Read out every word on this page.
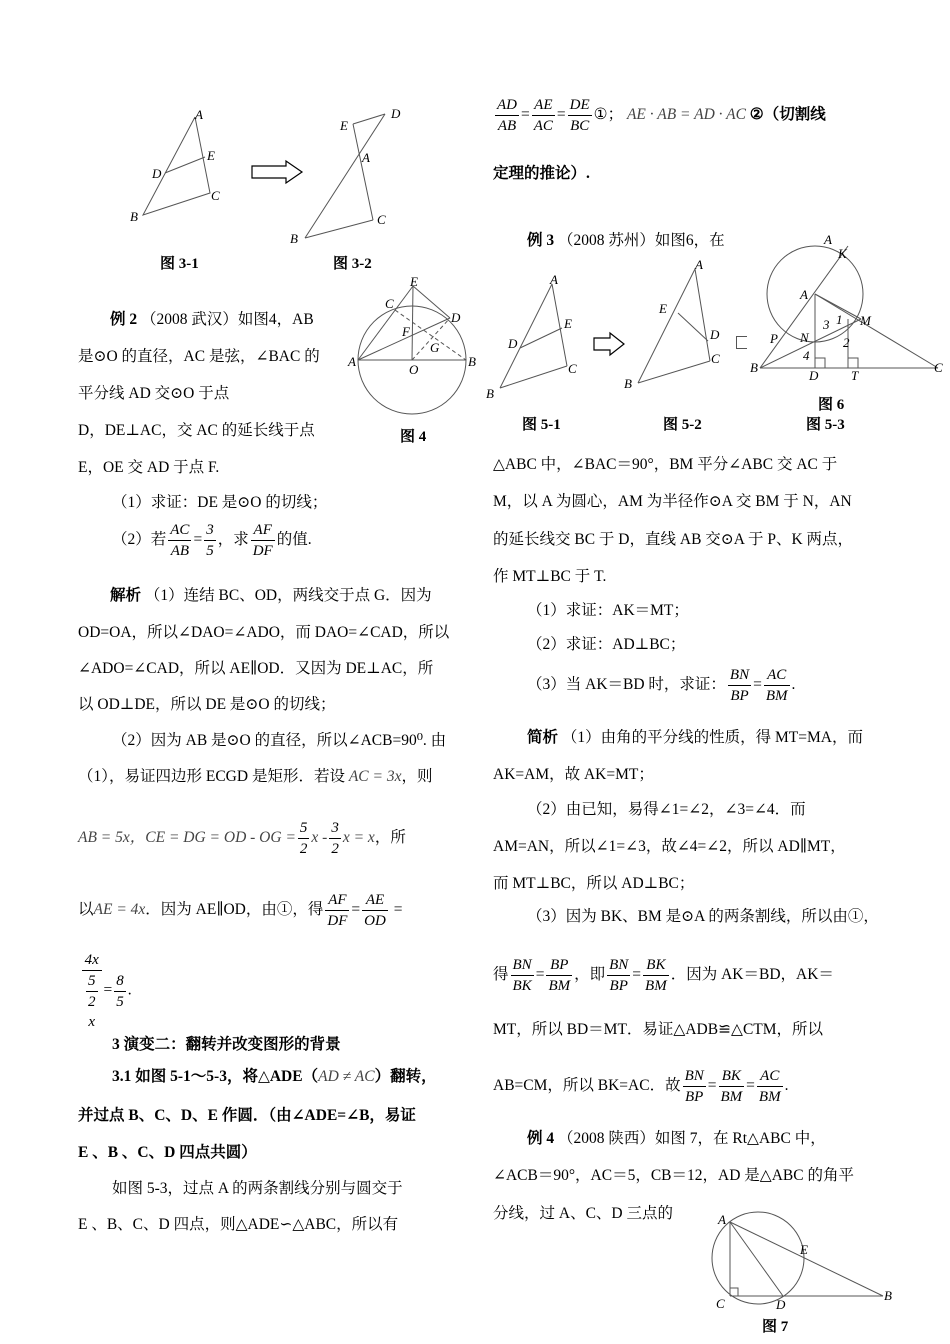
A
E
D
C
B
图 3-1
D
E
A
C
B
图 3-2
E
C
D
F
G
A
O
B
图 4
例 2 （2008 武汉）如图4，AB
是⊙O 的直径，AC 是弦，∠BAC 的
平分线 AD 交⊙O 于点
D，DE⊥AC，交 AC 的延长线于点
E，OE 交 AD 于点 F.
（1）求证：DE 是⊙O 的切线；
（2）若 $\frac{AC}{AB} = \frac{3}{5}$ ，求 $\frac{AF}{DF}$ 的值.
解析 （1）连结 BC、OD，两线交于点 G．因为
OD=OA，所以∠DAO=∠ADO，而 DAO=∠CAD，所以
∠ADO=∠CAD，所以 AE∥OD．又因为 DE⊥AC，所
以 OD⊥DE，所以 DE 是⊙O 的切线；
（2）因为 AB 是⊙O 的直径，所以∠ACB=90⁰. 由
（1），易证四边形 ECGD 是矩形．若设 AC = 3x，则
AB = 5x，CE = DG = OD - OG = $\frac{5}{2}$ x - $\frac{3}{2}$ x = x，所
以AE = 4x．因为 AE∥OD，由①，得 $\frac{AF}{DF} = \frac{AE}{OD}$ =
4x
5
2
$x = \frac{8}{5}$ .
3 演变二：翻转并改变图形的背景
3.1 如图 5-1～5-3，将△ADE（AD ≠ AC）翻转，
并过点 B、C、D、E 作圆．（由∠ADE=∠B，易证
E 、B 、C、D 四点共圆）
如图 5-3，过点 A 的两条割线分别与圆交于
E 、B、C、D 四点，则△ADE∽△ABC，所以有
$\frac{AD}{AB} = \frac{AE}{AC} = \frac{DE}{BC}$ ①； AE · AB = AD · AC ②（切割线
定理的推论）.
例 3 （2008 苏州）如图6，在
A
E
D
C
B
图 5-1
A
E
D
C
B
图 5-2
A
K
A
P N
M
1
3
2
4
B
D	T
C
图 6
图 5-3
△ABC 中，∠BAC＝90°，BM 平分∠ABC 交 AC 于
M，以 A 为圆心，AM 为半径作⊙A 交 BM 于 N，AN
的延长线交 BC 于 D，直线 AB 交⊙A 于 P、K 两点，
作 MT⊥BC 于 T.
（1）求证：AK＝MT；
（2）求证：AD⊥BC；
（3）当 AK＝BD 时，求证： $\frac{BN}{BP} = \frac{AC}{BM}$ .
简析 （1）由角的平分线的性质，得 MT=MA，而
AK=AM，故 AK=MT；
（2）由已知，易得∠1=∠2，∠3=∠4．而
AM=AN，所以∠1=∠3，故∠4=∠2，所以 AD∥MT，
而 MT⊥BC，所以 AD⊥BC；
（3）因为 BK、BM 是⊙A 的两条割线，所以由①，
得 $\frac{BN}{BK} = \frac{BP}{BM}$ ，即 $\frac{BN}{BP} = \frac{BK}{BM}$ ．因为 AK＝BD，AK＝
MT，所以 BD＝MT．易证△ADB≌△CTM，所以
AB=CM，所以 BK=AC．故 $\frac{BN}{BP} = \frac{BK}{BM} = \frac{AC}{BM}$ .
例 4 （2008 陕西）如图 7，在 Rt△ABC 中，
∠ACB＝90°，AC＝5，CB＝12，AD 是△ABC 的角平
分线，过 A、C、D 三点的	A
E
C	D
B
图 7
